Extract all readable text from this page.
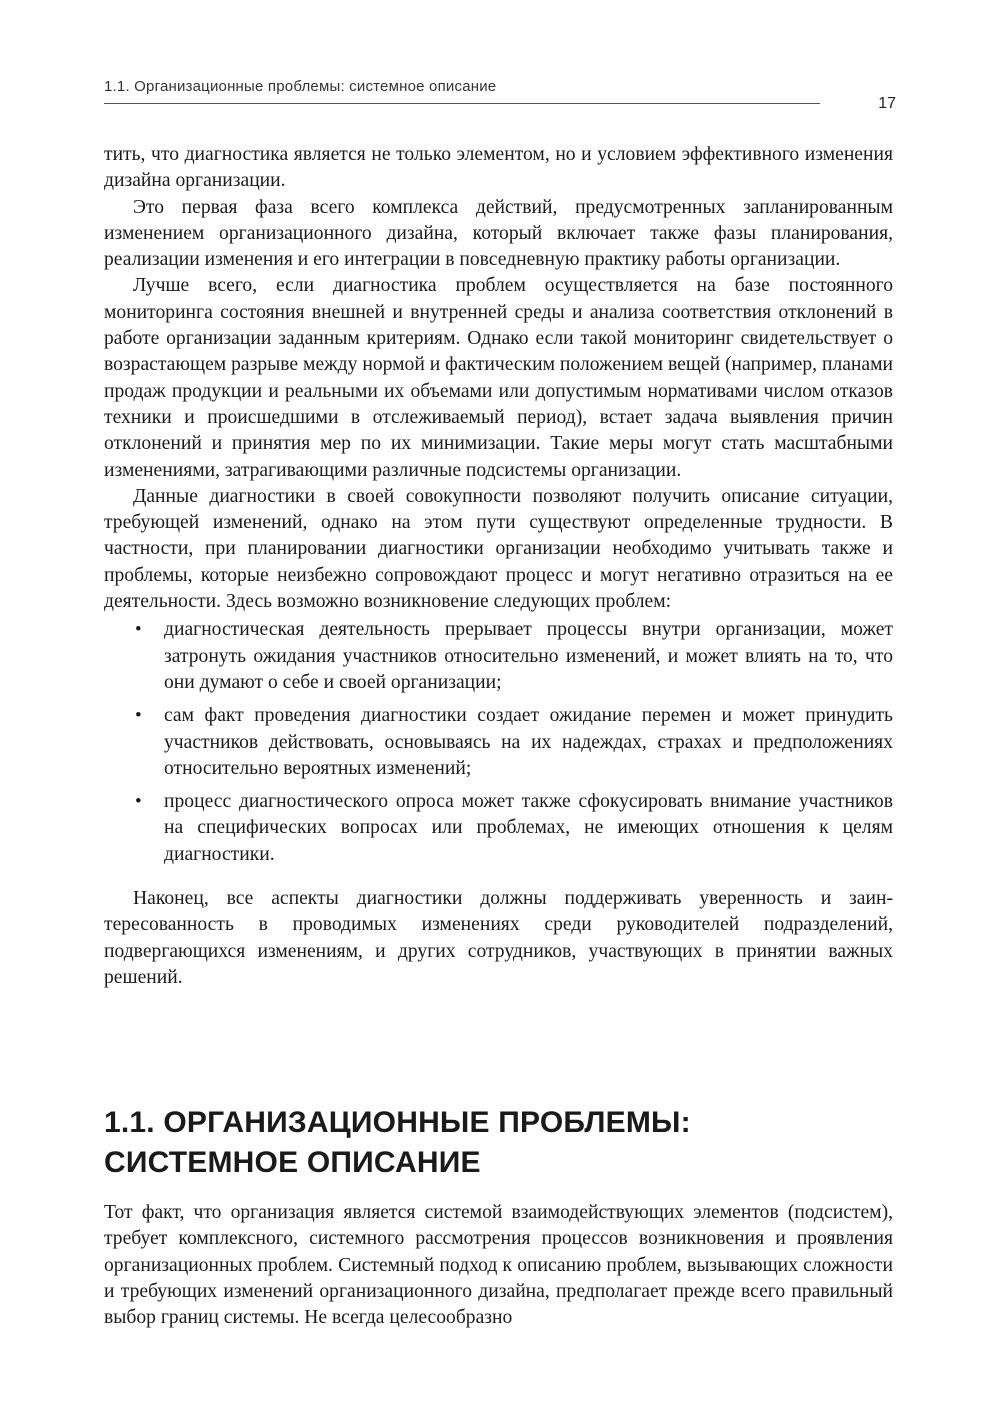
1.1. Организационные проблемы: системное описание
17

тить, что диагностика является не только элементом, но и условием эффективного изменения дизайна организации.

Это первая фаза всего комплекса действий, предусмотренных запланированным изменением организационного дизайна, который включает также фазы планирования, реализации изменения и его интеграции в повседневную практику работы организации.

Лучше всего, если диагностика проблем осуществляется на базе постоянного мониторинга состояния внешней и внутренней среды и анализа соответствия отклонений в работе организации заданным критериям. Однако если такой мониторинг свидетельствует о возрастающем разрыве между нормой и фактическим положением вещей (например, планами продаж продукции и реальными их объемами или допустимым нормативами числом отказов техники и происшедшими в отслеживаемый период), встает задача выявления причин отклонений и принятия мер по их минимизации. Такие меры могут стать масштабными изменениями, затрагивающими различные подсистемы организации.

Данные диагностики в своей совокупности позволяют получить описание ситуации, требующей изменений, однако на этом пути существуют определенные трудности. В частности, при планировании диагностики организации необходимо учитывать также и проблемы, которые неизбежно сопровождают процесс и могут негативно отразиться на ее деятельности. Здесь возможно возникновение следующих проблем:

• диагностическая деятельность прерывает процессы внутри организации, может затронуть ожидания участников относительно изменений, и может влиять на то, что они думают о себе и своей организации;
• сам факт проведения диагностики создает ожидание перемен и может принудить участников действовать, основываясь на их надеждах, страхах и предположениях относительно вероятных изменений;
• процесс диагностического опроса может также сфокусировать внимание участников на специфических вопросах или проблемах, не имеющих отношения к целям диагностики.

Наконец, все аспекты диагностики должны поддерживать уверенность и заинтересованность в проводимых изменениях среди руководителей подразделений, подвергающихся изменениям, и других сотрудников, участвующих в принятии важных решений.

1.1. ОРГАНИЗАЦИОННЫЕ ПРОБЛЕМЫ:
СИСТЕМНОЕ ОПИСАНИЕ

Тот факт, что организация является системой взаимодействующих элементов (подсистем), требует комплексного, системного рассмотрения процессов возникновения и проявления организационных проблем. Системный подход к описанию проблем, вызывающих сложности и требующих изменений организационного дизайна, предполагает прежде всего правильный выбор границ системы. Не всегда целесообразно
